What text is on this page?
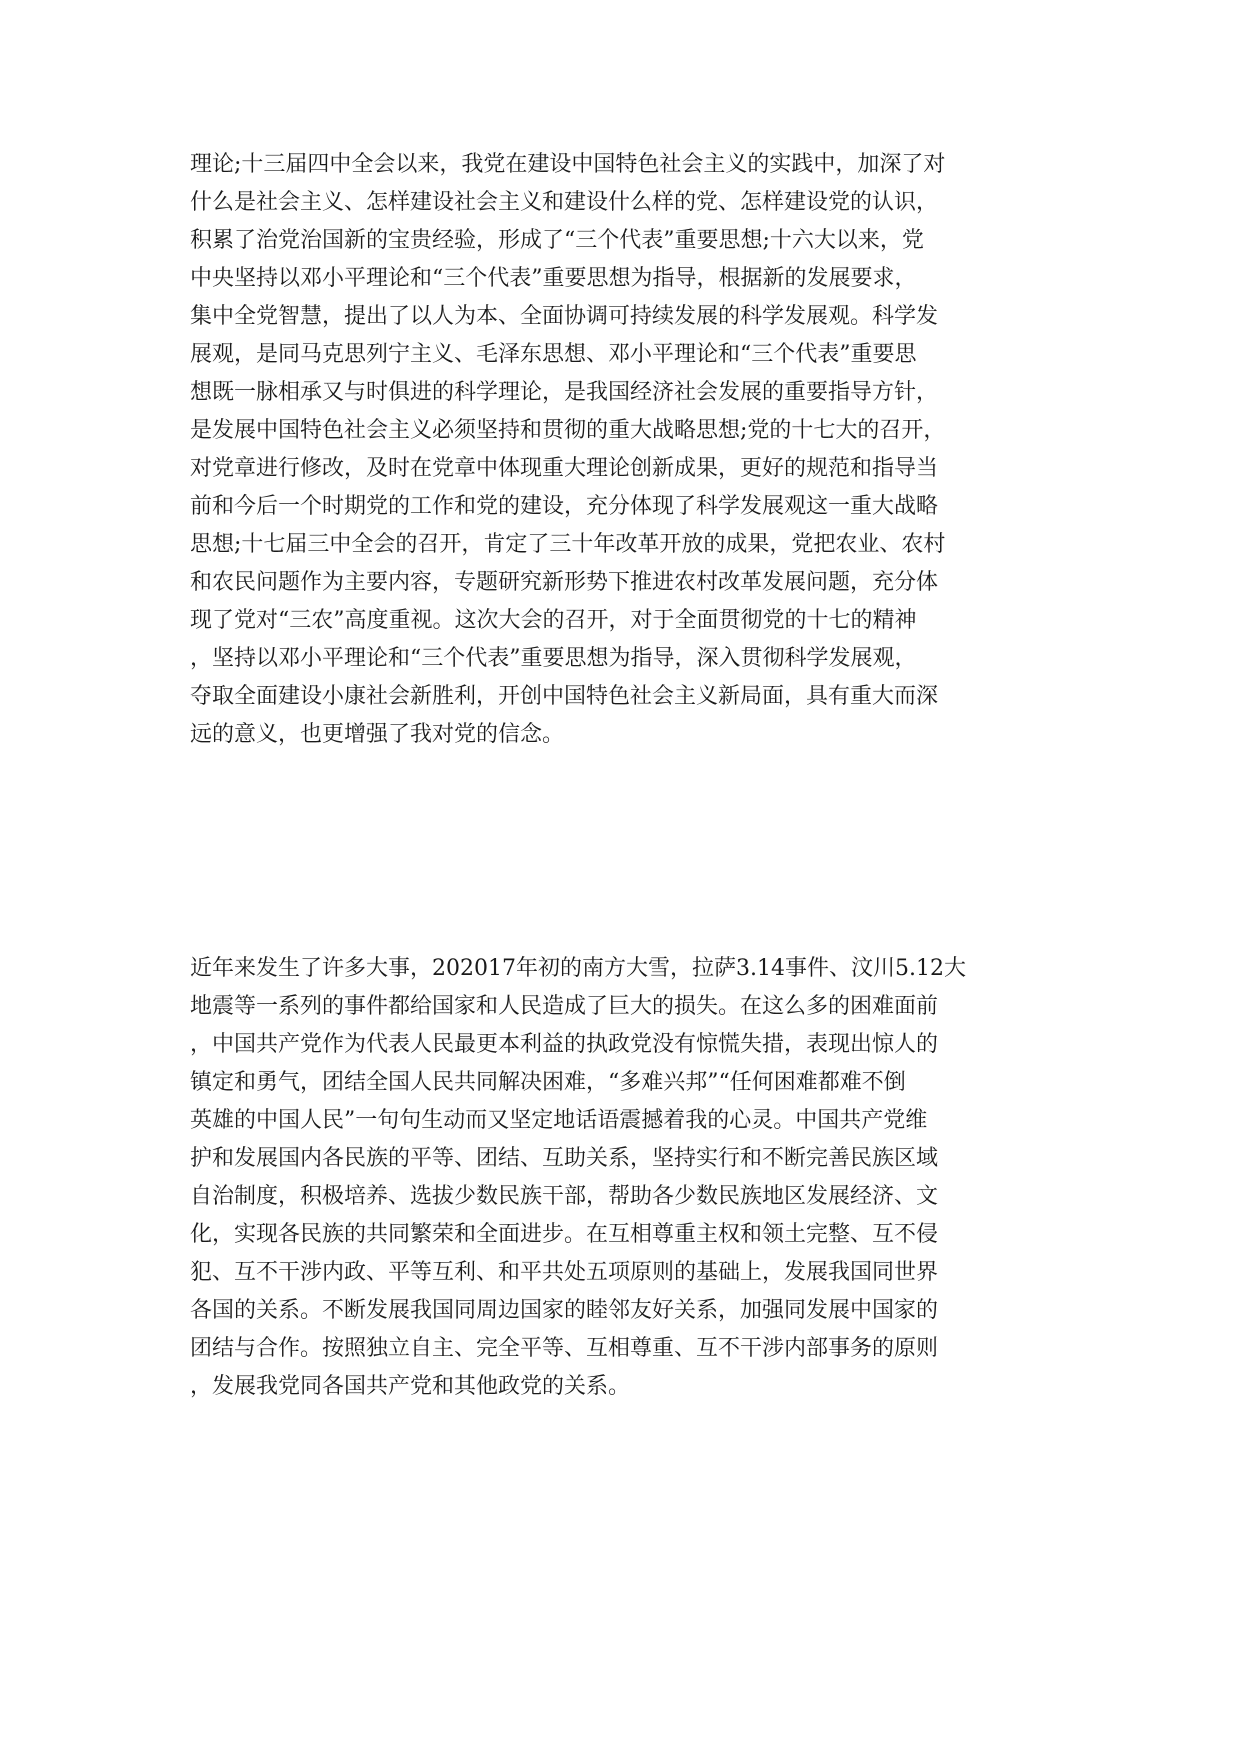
理论;十三届四中全会以来，我党在建设中国特色社会主义的实践中，加深了对
什么是社会主义、怎样建设社会主义和建设什么样的党、怎样建设党的认识，
积累了治党治国新的宝贵经验，形成了“三个代表”重要思想;十六大以来，党
中央坚持以邓小平理论和“三个代表”重要思想为指导，根据新的发展要求，
集中全党智慧，提出了以人为本、全面协调可持续发展的科学发展观。科学发
展观，是同马克思列宁主义、毛泽东思想、邓小平理论和“三个代表”重要思
想既一脉相承又与时俱进的科学理论，是我国经济社会发展的重要指导方针，
是发展中国特色社会主义必须坚持和贯彻的重大战略思想;党的十七大的召开，
对党章进行修改，及时在党章中体现重大理论创新成果，更好的规范和指导当
前和今后一个时期党的工作和党的建设，充分体现了科学发展观这一重大战略
思想;十七届三中全会的召开，肯定了三十年改革开放的成果，党把农业、农村
和农民问题作为主要内容，专题研究新形势下推进农村改革发展问题，充分体
现了党对“三农”高度重视。这次大会的召开，对于全面贯彻党的十七的精神
，坚持以邓小平理论和“三个代表”重要思想为指导，深入贯彻科学发展观，
夺取全面建设小康社会新胜利，开创中国特色社会主义新局面，具有重大而深
远的意义，也更增强了我对党的信念。
近年来发生了许多大事，202017年初的南方大雪，拉萨3.14事件、汶川5.12大
地震等一系列的事件都给国家和人民造成了巨大的损失。在这么多的困难面前
，中国共产党作为代表人民最更本利益的执政党没有惊慌失措，表现出惊人的
镇定和勇气，团结全国人民共同解决困难，“多难兴邦”“任何困难都难不倒
英雄的中国人民”一句句生动而又坚定地话语震撼着我的心灵。中国共产党维
护和发展国内各民族的平等、团结、互助关系，坚持实行和不断完善民族区域
自治制度，积极培养、选拔少数民族干部，帮助各少数民族地区发展经济、文
化，实现各民族的共同繁荣和全面进步。在互相尊重主权和领土完整、互不侵
犯、互不干涉内政、平等互利、和平共处五项原则的基础上，发展我国同世界
各国的关系。不断发展我国同周边国家的睦邻友好关系，加强同发展中国家的
团结与合作。按照独立自主、完全平等、互相尊重、互不干涉内部事务的原则
，发展我党同各国共产党和其他政党的关系。
